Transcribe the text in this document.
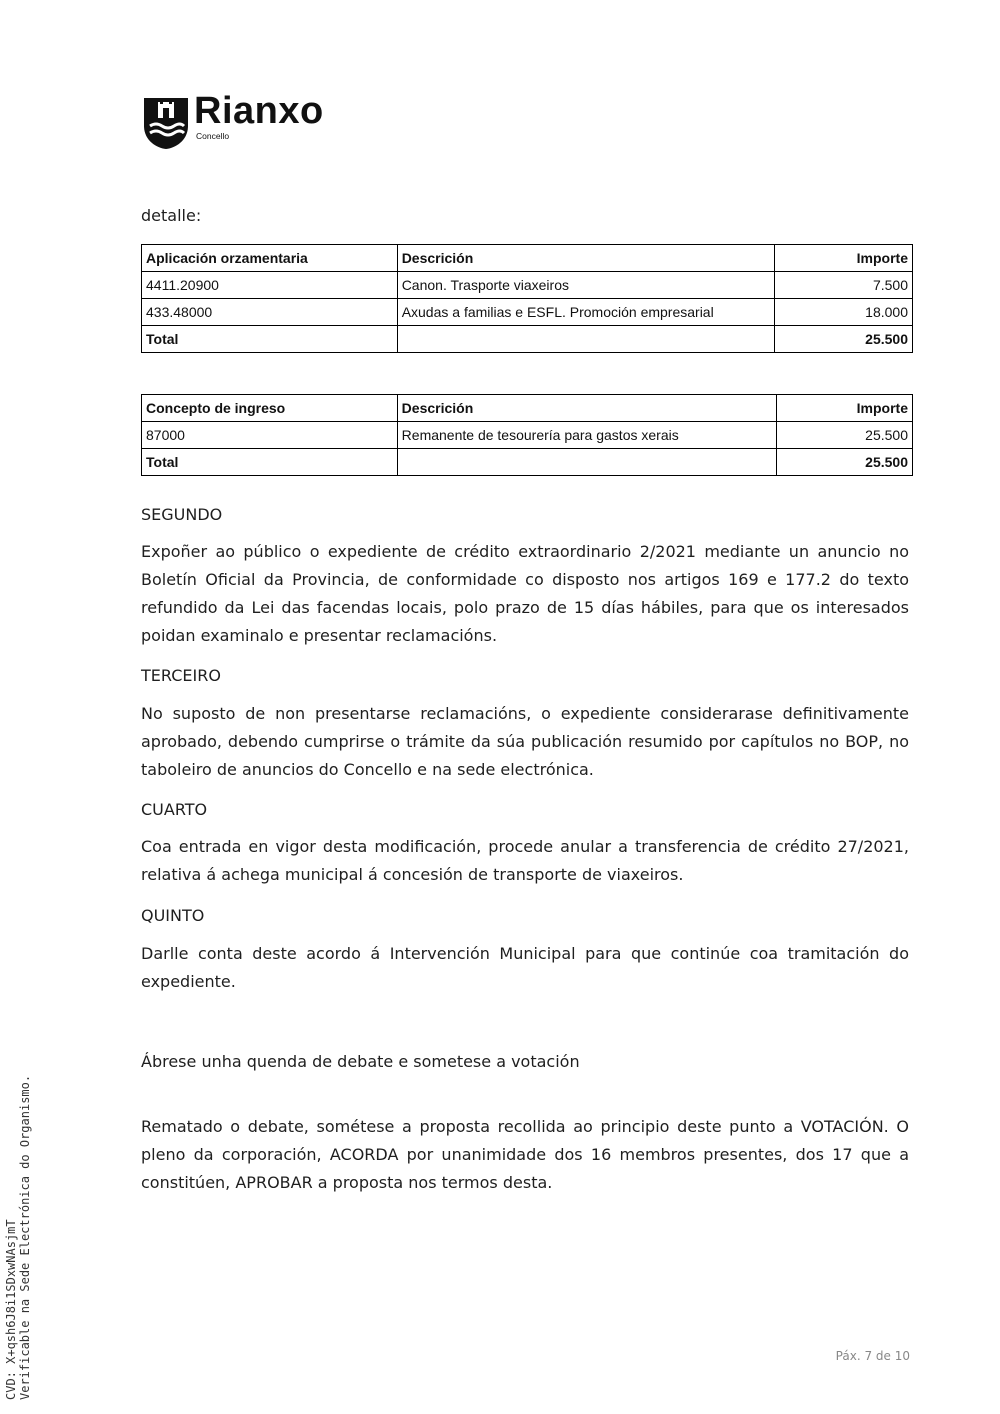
Rianxo
Concello
detalle:
Aplicación orzamentaria	Descrición	Importe
4411.20900	Canon. Trasporte viaxeiros	7.500
433.48000	Axudas a familias e ESFL. Promoción empresarial	18.000
Total		25.500
Concepto de ingreso	Descrición	Importe
87000	Remanente de tesourería para gastos xerais	25.500
Total		25.500
SEGUNDO
Expoñer ao público o expediente de crédito extraordinario 2/2021 mediante un anuncio no Boletín Oficial da Provincia, de conformidade co disposto nos artigos 169 e 177.2 do texto refundido da Lei das facendas locais, polo prazo de 15 días hábiles, para que os interesados poidan examinalo e presentar reclamacións.
TERCEIRO
No suposto de non presentarse reclamacións, o expediente considerarase definitivamente aprobado, debendo cumprirse o trámite da súa publicación resumido por capítulos no BOP, no taboleiro de anuncios do Concello e na sede electrónica.
CUARTO
Coa entrada en vigor desta modificación, procede anular a transferencia de crédito 27/2021, relativa á achega municipal á concesión de transporte de viaxeiros.
QUINTO
Darlle conta deste acordo á Intervención Municipal para que continúe coa tramitación do expediente.
Ábrese unha quenda de debate e sometese a votación
Rematado o debate, sométese a proposta recollida ao principio deste punto a VOTACIÓN. O pleno da corporación, ACORDA por unanimidade dos 16 membros presentes, dos 17 que a constitúen, APROBAR a proposta nos termos desta.
CVD: X+qsh6J8i1SDxwNAsjmT Verificable na Sede Electrónica do Organismo.	Páx. 7 de 10
